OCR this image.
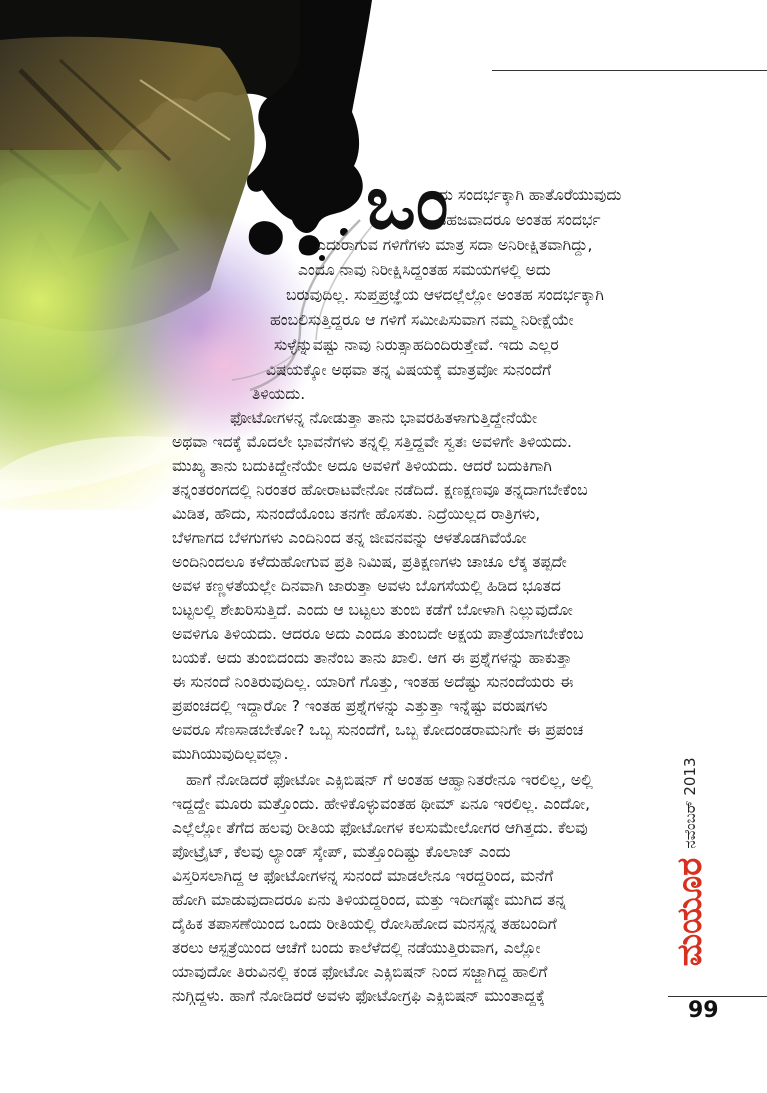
ಒಂ
ದು ಸಂದರ್ಭಕ್ಕಾಗಿ ಹಾತೊರೆಯುವುದು
ಸಹಜವಾದರೂ ಅಂತಹ ಸಂದರ್ಭ
ಎದುರಾಗುವ ಗಳಿಗೆಗಳು ಮಾತ್ರ ಸದಾ ಅನಿರೀಕ್ಷಿತವಾಗಿದ್ದು,
ಎಂದೂ ನಾವು ನಿರೀಕ್ಷಿಸಿದ್ದಂತಹ ಸಮಯಗಳಲ್ಲಿ ಅದು
ಬರುವುದಿಲ್ಲ. ಸುಪ್ತಪ್ರಜ್ಞೆಯ ಆಳದಲ್ಲೆಲ್ಲೋ ಅಂತಹ ಸಂದರ್ಭಕ್ಕಾಗಿ
ಹಂಬಲಿಸುತ್ತಿದ್ದರೂ ಆ ಗಳಿಗೆ ಸಮೀಪಿಸುವಾಗ ನಮ್ಮ ನಿರೀಕ್ಷೆಯೇ
ಸುಳ್ಳೆನ್ನುವಷ್ಟು ನಾವು ನಿರುತ್ಸಾಹದಿಂದಿರುತ್ತೇವೆ. ಇದು ಎಲ್ಲರ
ವಿಷಯಕ್ಕೋ ಅಥವಾ ತನ್ನ ವಿಷಯಕ್ಕೆ ಮಾತ್ರವೋ ಸುನಂದೆಗೆ
ತಿಳಿಯದು.
ಫೋಟೋಗಳನ್ನ ನೋಡುತ್ತಾ ತಾನು ಭಾವರಹಿತಳಾಗುತ್ತಿದ್ದೇನೆಯೇ
ಅಥವಾ ಇದಕ್ಕೆ ಮೊದಲೇ ಭಾವನೆಗಳು ತನ್ನಲ್ಲಿ ಸತ್ತಿದ್ದವೇ ಸ್ವತಃ ಅವಳಿಗೇ ತಿಳಿಯದು.
ಮುಖ್ಯ ತಾನು ಬದುಕಿದ್ದೇನೆಯೇ ಅದೂ ಅವಳಿಗೆ ತಿಳಿಯದು. ಆದರೆ ಬದುಕಿಗಾಗಿ
ತನ್ನಂತರಂಗದಲ್ಲಿ ನಿರಂತರ ಹೋರಾಟವೇನೋ ನಡೆದಿದೆ. ಕ್ಷಣಕ್ಷಣವೂ ತನ್ನದಾಗಬೇಕೆಂಬ
ಮಿಡಿತ, ಹೌದು, ಸುನಂದೆಯೊಂಬ ತನಗೇ ಹೊಸತು. ನಿದ್ರೆಯಿಲ್ಲದ ರಾತ್ರಿಗಳು,
ಬೆಳಗಾಗದ ಬೆಳಗುಗಳು ಎಂದಿನಿಂದ ತನ್ನ ಜೀವನವನ್ನು ಆಳತೊಡಗಿವೆಯೋ
ಅಂದಿನಿಂದಲೂ ಕಳೆದುಹೋಗುವ ಪ್ರತಿ ನಿಮಿಷ, ಪ್ರತಿಕ್ಷಣಗಳು ಚಾಚೂ ಲೆಕ್ಕ ತಪ್ಪದೇ
ಅವಳ ಕಣ್ಣಳತೆಯಲ್ಲೇ ದಿನವಾಗಿ ಜಾರುತ್ತಾ ಅವಳು ಬೊಗಸೆಯಲ್ಲಿ ಹಿಡಿದ ಭೂತದ
ಬಟ್ಟಲಲ್ಲಿ ಶೇಖರಿಸುತ್ತಿದೆ. ಎಂದು ಆ ಬಟ್ಟಲು ತುಂಬಿ ಕಡೆಗೆ ಬೋಳಾಗಿ ನಿಲ್ಲುವುದೋ
ಅವಳಿಗೂ ತಿಳಿಯದು. ಆದರೂ ಅದು ಎಂದೂ ತುಂಬದೇ ಅಕ್ಷಯ ಪಾತ್ರೆಯಾಗಬೇಕೆಂಬ
ಬಯಕೆ. ಅದು ತುಂಬಿದಂದು ತಾನೆಂಬ ತಾನು ಖಾಲಿ. ಆಗ ಈ ಪ್ರಶ್ನೆಗಳನ್ನು ಹಾಕುತ್ತಾ
ಈ ಸುನಂದೆ ನಿಂತಿರುವುದಿಲ್ಲ. ಯಾರಿಗೆ ಗೊತ್ತು, ಇಂತಹ ಅದೆಷ್ಟು ಸುನಂದೆಯರು ಈ
ಪ್ರಪಂಚದಲ್ಲಿ ಇದ್ದಾರೋ ? ಇಂತಹ ಪ್ರಶ್ನೆಗಳನ್ನು ಎತ್ತುತ್ತಾ ಇನ್ನೆಷ್ಟು ವರುಷಗಳು
ಅವರೂ ಸೆಣಸಾಡಬೇಕೋ? ಒಬ್ಬ ಸುನಂದೆಗೆ, ಒಬ್ಬ ಕೋದಂಡರಾಮನಿಗೇ ಈ ಪ್ರಪಂಚ
ಮುಗಿಯುವುದಿಲ್ಲವಲ್ಲಾ.
ಹಾಗೆ ನೋಡಿದರೆ ಫೋಟೋ ಎಕ್ಸಿಬಿಷನ್ ಗೆ ಅಂತಹ ಆಹ್ವಾನಿತರೇನೂ ಇರಲಿಲ್ಲ, ಅಲ್ಲಿ
ಇದ್ದದ್ದೇ ಮೂರು ಮತ್ತೊಂದು. ಹೇಳಿಕೊಳ್ಳುವಂತಹ ಥೀಮ್ ಏನೂ ಇರಲಿಲ್ಲ. ಎಂದೋ,
ಎಲ್ಲೆಲ್ಲೋ ತೆಗೆದ ಹಲವು ರೀತಿಯ ಫೋಟೋಗಳ ಕಲಸುಮೇಲೋಗರ ಆಗಿತ್ತದು. ಕೆಲವು
ಪೋಟ್ರೈಟ್, ಕೆಲವು ಲ್ಯಾಂಡ್ ಸ್ಕೇಪ್, ಮತ್ತೊಂದಿಷ್ಟು ಕೊಲಾಜ್ ಎಂದು
ವಿಸ್ತರಿಸಲಾಗಿದ್ದ ಆ ಫೋಟೋಗಳನ್ನ ಸುನಂದೆ ಮಾಡಲೇನೂ ಇರದ್ದರಿಂದ, ಮನೆಗೆ
ಹೋಗಿ ಮಾಡುವುದಾದರೂ ಏನು ತಿಳಿಯದ್ದರಿಂದ, ಮತ್ತು ಇದೀಗಷ್ಟೇ ಮುಗಿದ ತನ್ನ
ದೈಹಿಕ ತಪಾಸಣೆಯಿಂದ ಒಂದು ರೀತಿಯಲ್ಲಿ ರೋಸಿಹೋದ ಮನಸ್ಸನ್ನ ತಹಬಂದಿಗೆ
ತರಲು ಆಸ್ಪತ್ರೆಯಿಂದ ಆಚೆಗೆ ಬಂದು ಕಾಲೆಳೆದಲ್ಲಿ ನಡೆಯುತ್ತಿರುವಾಗ, ಎಲ್ಲೋ
ಯಾವುದೋ ತಿರುವಿನಲ್ಲಿ ಕಂಡ ಫೋಟೋ ಎಕ್ಸಿಬಿಷನ್ ನಿಂದ ಸಜ್ಜಾಗಿದ್ದ ಹಾಲಿಗೆ
ನುಗ್ಗಿದ್ದಳು. ಹಾಗೆ ನೋಡಿದರೆ ಅವಳು ಫೋಟೋಗ್ರಫಿ ಎಕ್ಸಿಬಿಷನ್ ಮುಂತಾದ್ದಕ್ಕೆ
ನವೆಂಬರ್ 2013
ಮಯೂರ
99
